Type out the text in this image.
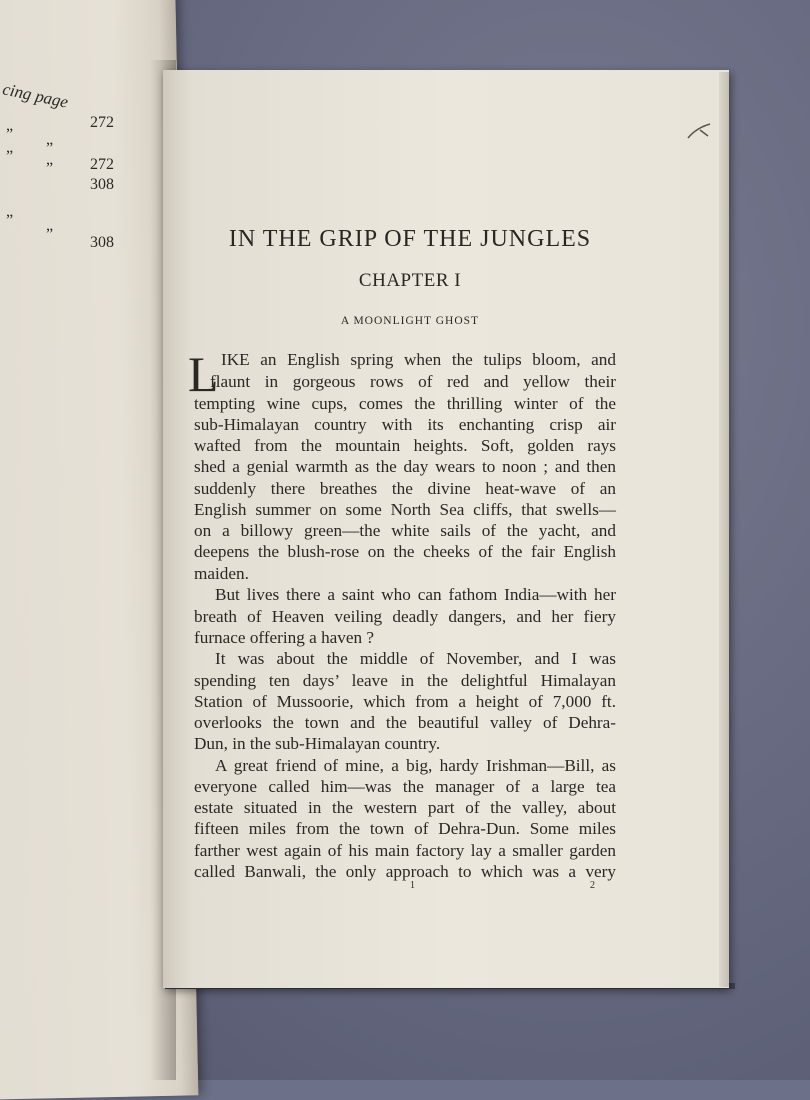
cing page
”
272
” ”
” 272
308
”
” 308	IN THE GRIP OF THE JUNGLES
CHAPTER I
A MOONLIGHT GHOST
L IKE an English spring when the tulips bloom, and
flaunt in gorgeous rows of red and yellow their
tempting wine cups, comes the thrilling winter of the
sub-Himalayan country with its enchanting crisp air
wafted from the mountain heights. Soft, golden rays
shed a genial warmth as the day wears to noon ; and then
suddenly there breathes the divine heat-wave of an
English summer on some North Sea cliffs, that swells—
on a billowy green—the white sails of the yacht, and
deepens the blush-rose on the cheeks of the fair English
maiden.
But lives there a saint who can fathom India—with her
breath of Heaven veiling deadly dangers, and her fiery
furnace offering a haven ?
It was about the middle of November, and I was
spending ten days’ leave in the delightful Himalayan
Station of Mussoorie, which from a height of 7,000 ft.
overlooks the town and the beautiful valley of Dehra-
Dun, in the sub-Himalayan country.
A great friend of mine, a big, hardy Irishman—Bill, as
everyone called him—was the manager of a large tea
estate situated in the western part of the valley, about
fifteen miles from the town of Dehra-Dun. Some miles
farther west again of his main factory lay a smaller garden
called Banwali, the only approach to which was a very
1	2
